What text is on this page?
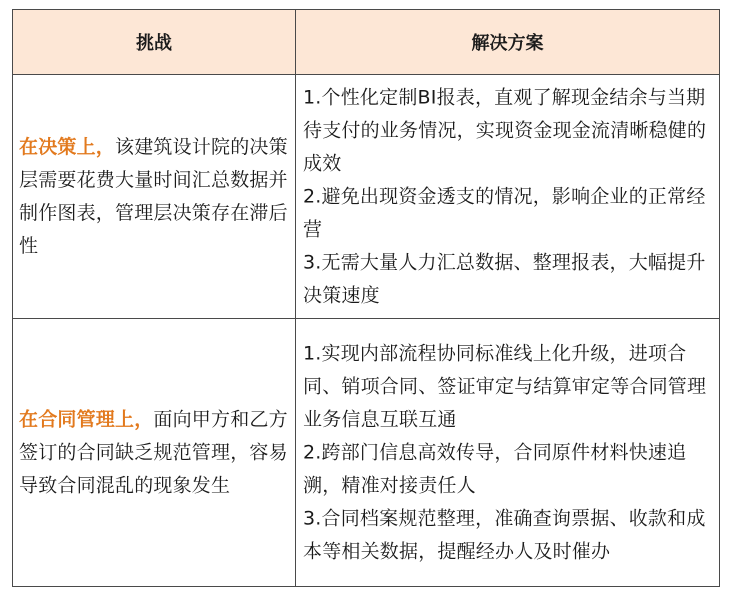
挑战	解决方案
在决策上，该建筑设计院的决策层需要花费大量时间汇总数据并制作图表，管理层决策存在滞后性
1.个性化定制BI报表，直观了解现金结余与当期待支付的业务情况，实现资金现金流清晰稳健的成效
2.避免出现资金透支的情况，影响企业的正常经营
3.无需大量人力汇总数据、整理报表，大幅提升决策速度
在合同管理上，面向甲方和乙方签订的合同缺乏规范管理，容易导致合同混乱的现象发生
1.实现内部流程协同标准线上化升级，进项合同、销项合同、签证审定与结算审定等合同管理业务信息互联互通
2.跨部门信息高效传导，合同原件材料快速追溯，精准对接责任人
3.合同档案规范整理，准确查询票据、收款和成本等相关数据，提醒经办人及时催办
